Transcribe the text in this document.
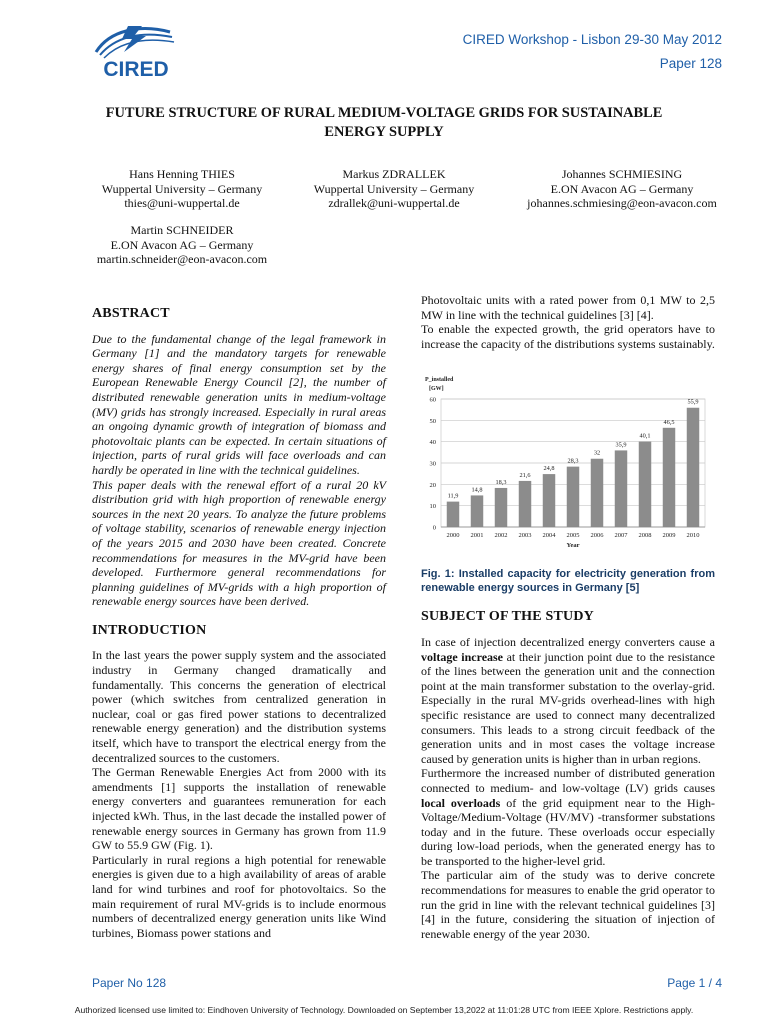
CIRED
CIRED Workshop - Lisbon 29-30 May 2012
Paper 128
FUTURE STRUCTURE OF RURAL MEDIUM-VOLTAGE GRIDS FOR SUSTAINABLE
ENERGY SUPPLY
Hans Henning THIES
Wuppertal University – Germany
thies@uni-wuppertal.de
Markus ZDRALLEK
Wuppertal University – Germany
zdrallek@uni-wuppertal.de
Johannes SCHMIESING
E.ON Avacon AG – Germany
johannes.schmiesing@eon-avacon.com
Martin SCHNEIDER
E.ON Avacon AG – Germany
martin.schneider@eon-avacon.com
ABSTRACT

Due to the fundamental change of the legal framework in Germany [1] and the mandatory targets for renewable energy shares of final energy consumption set by the European Renewable Energy Council [2], the number of distributed renewable generation units in medium-voltage (MV) grids has strongly increased. Especially in rural areas an ongoing dynamic growth of integration of biomass and photovoltaic plants can be expected. In certain situations of injection, parts of rural grids will face overloads and can hardly be operated in line with the technical guidelines.

This paper deals with the renewal effort of a rural 20 kV distribution grid with high proportion of renewable energy sources in the next 20 years. To analyze the future problems of voltage stability, scenarios of renewable energy injection of the years 2015 and 2030 have been created. Concrete recommendations for measures in the MV-grid have been developed. Furthermore general recommendations for planning guidelines of MV-grids with a high proportion of renewable energy sources have been derived.

INTRODUCTION

In the last years the power supply system and the associated industry in Germany changed dramatically and fundamentally. This concerns the generation of electrical power (which switches from centralized generation in nuclear, coal or gas fired power stations to decentralized renewable energy generation) and the distribution systems itself, which have to transport the electrical energy from the decentralized sources to the customers.

The German Renewable Energies Act from 2000 with its amendments [1] supports the installation of renewable energy converters and guarantees remuneration for each injected kWh. Thus, in the last decade the installed power of renewable energy sources in Germany has grown from 11.9 GW to 55.9 GW (Fig. 1).

Particularly in rural regions a high potential for renewable energies is given due to a high availability of areas of arable land for wind turbines and roof for photovoltaics. So the main requirement of rural MV-grids is to include enormous numbers of decentralized energy generation units like Wind turbines, Biomass power stations and

Photovoltaic units with a rated power from 0,1 MW to 2,5 MW in line with the technical guidelines [3] [4].

To enable the expected growth, the grid operators have to increase the capacity of the distributions systems sustainably.

0
10
20
30
40
50
60
P_installed
[GW]
11,9
2000
14,8
2001
18,3
2002
21,6
2003
24,8
2004
28,3
2005
32
2006
35,9
2007
40,1
2008
46,5
2009
55,9
2010
Year
Fig. 1: Installed capacity for electricity generation from renewable energy sources in Germany [5]
SUBJECT OF THE STUDY

In case of injection decentralized energy converters cause a voltage increase at their junction point due to the resistance of the lines between the generation unit and the connection point at the main transformer substation to the overlay-grid. Especially in the rural MV-grids overhead-lines with high specific resistance are used to connect many decentralized consumers. This leads to a strong circuit feedback of the generation units and in most cases the voltage increase caused by generation units is higher than in urban regions.

Furthermore the increased number of distributed generation connected to medium- and low-voltage (LV) grids causes local overloads of the grid equipment near to the High-Voltage/Medium-Voltage (HV/MV) -transformer substations today and in the future. These overloads occur especially during low-load periods, when the generated energy has to be transported to the higher-level grid.

The particular aim of the study was to derive concrete recommendations for measures to enable the grid operator to run the grid in line with the relevant technical guidelines [3] [4] in the future, considering the situation of injection of renewable energy of the year 2030.

Paper No 128	Page 1 / 4
Authorized licensed use limited to: Eindhoven University of Technology. Downloaded on September 13,2022 at 11:01:28 UTC from IEEE Xplore. Restrictions apply.
